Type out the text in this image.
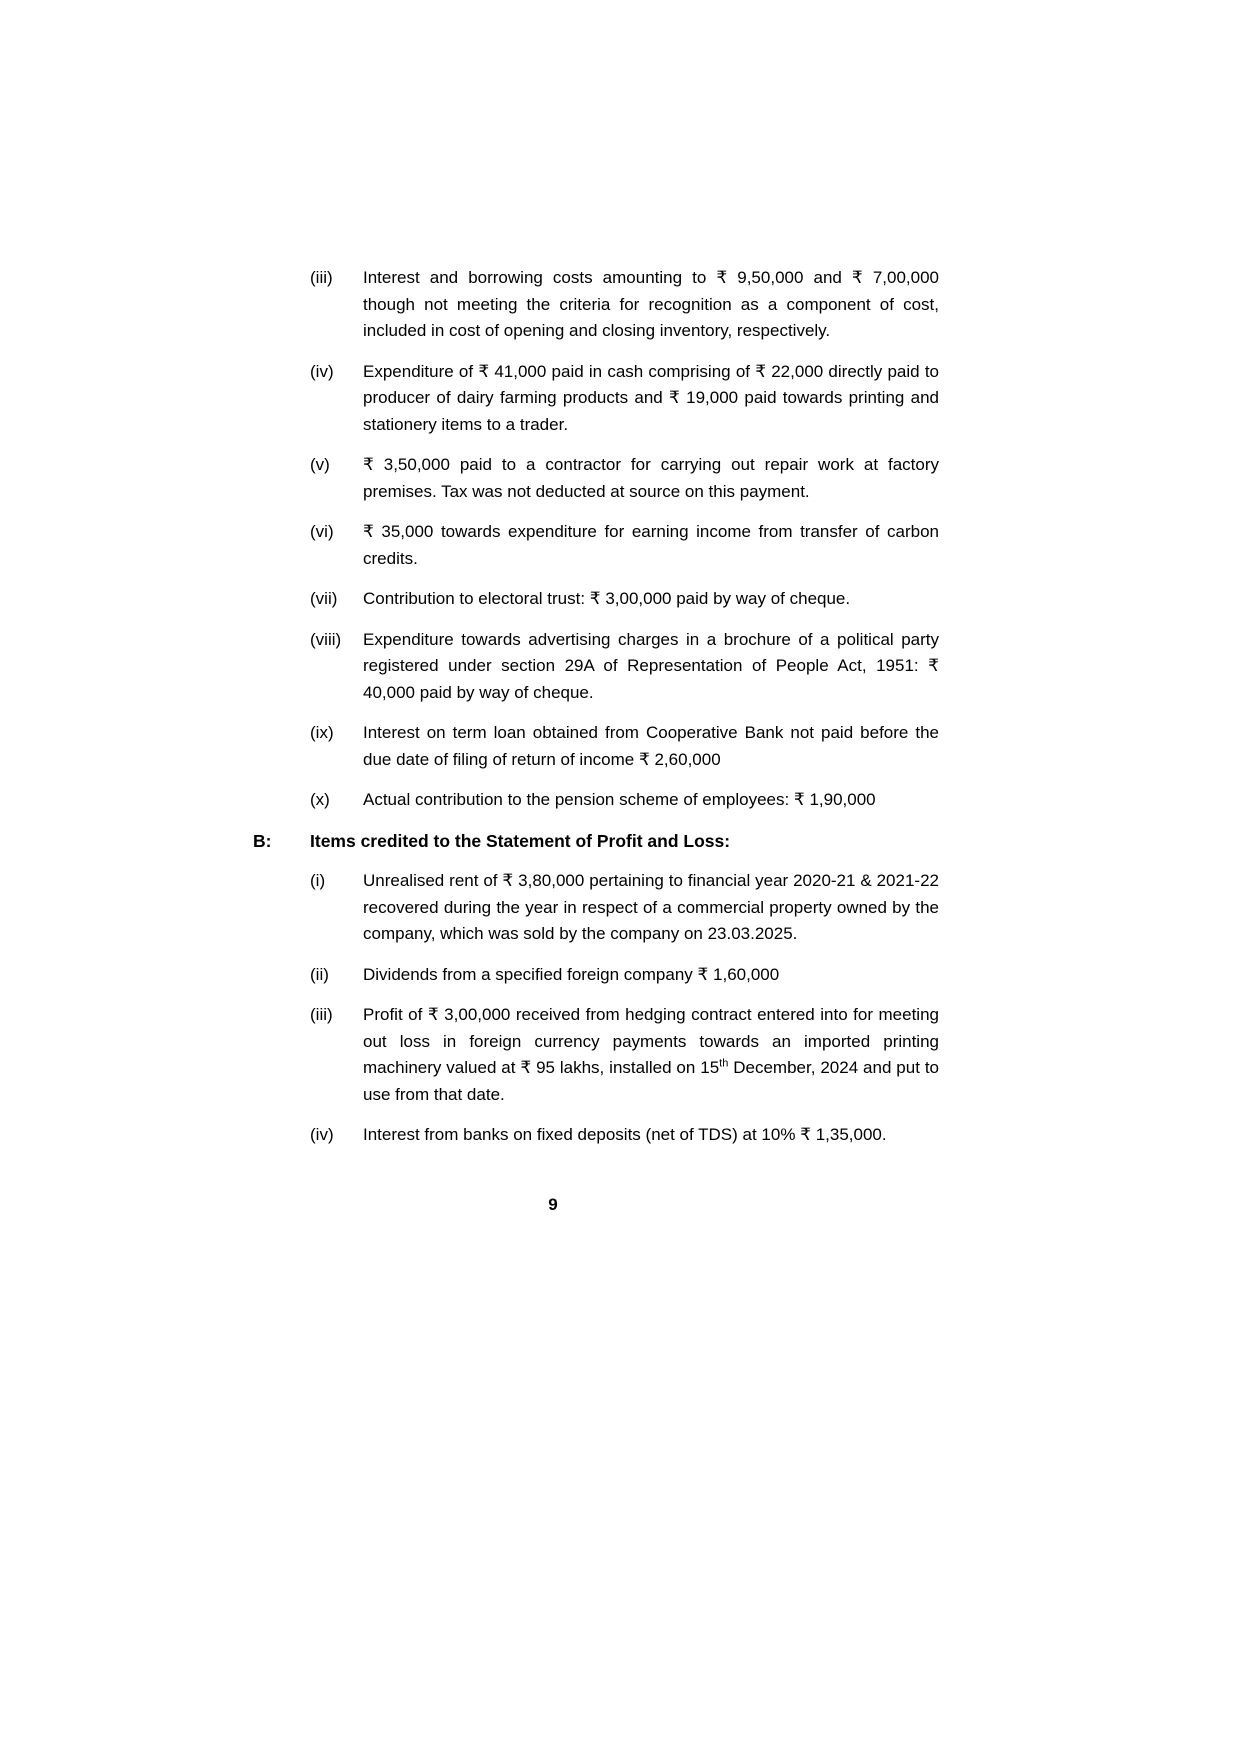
(iii)	Interest and borrowing costs amounting to ₹ 9,50,000 and ₹ 7,00,000 though not meeting the criteria for recognition as a component of cost, included in cost of opening and closing inventory, respectively.

(iv)	Expenditure of ₹ 41,000 paid in cash comprising of ₹ 22,000 directly paid to producer of dairy farming products and ₹ 19,000 paid towards printing and stationery items to a trader.

(v)	₹ 3,50,000 paid to a contractor for carrying out repair work at factory premises. Tax was not deducted at source on this payment.

(vi)	₹ 35,000 towards expenditure for earning income from transfer of carbon credits.

(vii)	Contribution to electoral trust: ₹ 3,00,000 paid by way of cheque.

(viii)	Expenditure towards advertising charges in a brochure of a political party registered under section 29A of Representation of People Act, 1951: ₹ 40,000 paid by way of cheque.

(ix)	Interest on term loan obtained from Cooperative Bank not paid before the due date of filing of return of income ₹ 2,60,000

(x)	Actual contribution to the pension scheme of employees: ₹ 1,90,000

B:	Items credited to the Statement of Profit and Loss:

(i)	Unrealised rent of ₹ 3,80,000 pertaining to financial year 2020-21 & 2021-22 recovered during the year in respect of a commercial property owned by the company, which was sold by the company on 23.03.2025.

(ii)	Dividends from a specified foreign company ₹ 1,60,000

(iii)	Profit of ₹ 3,00,000 received from hedging contract entered into for meeting out loss in foreign currency payments towards an imported printing machinery valued at ₹ 95 lakhs, installed on 15th December, 2024 and put to use from that date.

(iv)	Interest from banks on fixed deposits (net of TDS) at 10% ₹ 1,35,000.

9
